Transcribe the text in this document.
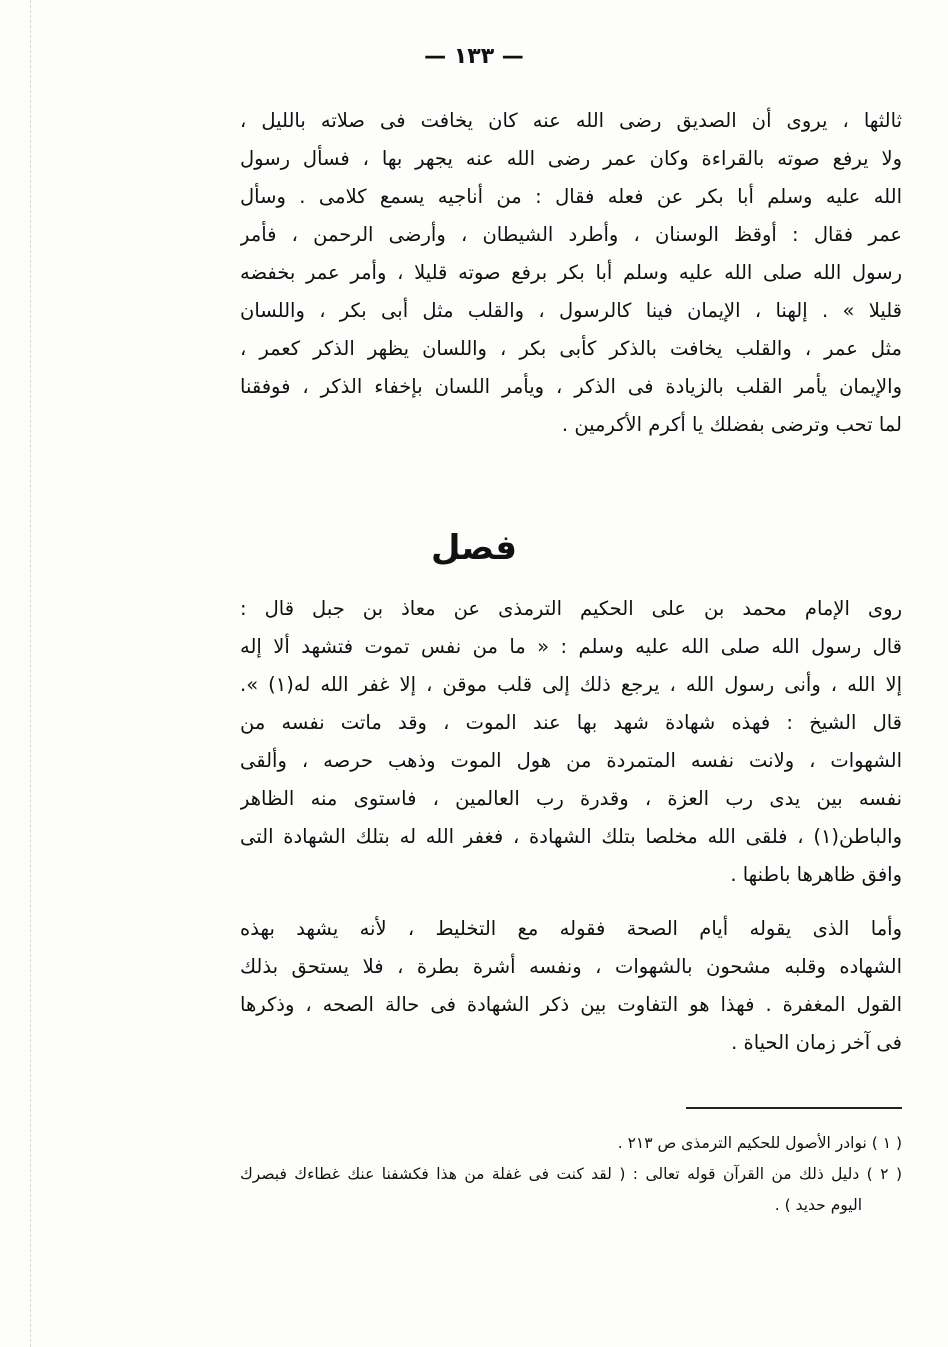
— ١٣٣ —
ثالثها ، يروى أن الصديق رضى الله عنه كان يخافت فى صلاته بالليل ،
ولا يرفع صوته بالقراءة وكان عمر رضى الله عنه يجهر بها ، فسأل رسول
الله عليه وسلم أبا بكر عن فعله فقال : من أناجيه يسمع كلامى . وسأل
عمر فقال : أوقظ الوسنان ، وأطرد الشيطان ، وأرضى الرحمن ، فأمر
رسول الله صلى الله عليه وسلم أبا بكر برفع صوته قليلا ، وأمر عمر بخفضه
قليلا » . إلهنا ، الإيمان فينا كالرسول ، والقلب مثل أبى بكر ، واللسان
مثل عمر ، والقلب يخافت بالذكر كأبى بكر ، واللسان يظهر الذكر كعمر ،
والإيمان يأمر القلب بالزيادة فى الذكر ، ويأمر اللسان بإخفاء الذكر ، فوفقنا
لما تحب وترضى بفضلك يا أكرم الأكرمين .
فصل
روى الإمام محمد بن على الحكيم الترمذى عن معاذ بن جبل قال :
قال رسول الله صلى الله عليه وسلم : « ما من نفس تموت فتشهد ألا إله
إلا الله ، وأنى رسول الله ، يرجع ذلك إلى قلب موقن ، إلا غفر الله له(١) ».
قال الشيخ : فهذه شهادة شهد بها عند الموت ، وقد ماتت نفسه من
الشهوات ، ولانت نفسه المتمردة من هول الموت وذهب حرصه ، وألقى
نفسه بين يدى رب العزة ، وقدرة رب العالمين ، فاستوى منه الظاهر
والباطن(١) ، فلقى الله مخلصا بتلك الشهادة ، فغفر الله له بتلك الشهادة التى
وافق ظاهرها باطنها .
وأما الذى يقوله أيام الصحة فقوله مع التخليط ، لأنه يشهد بهذه
الشهاده وقلبه مشحون بالشهوات ، ونفسه أشرة بطرة ، فلا يستحق بذلك
القول المغفرة . فهذا هو التفاوت بين ذكر الشهادة فى حالة الصحه ، وذكرها
فى آخر زمان الحياة .
( ١ ) نوادر الأصول للحكيم الترمذى ص ٢١٣ .
( ٢ ) دليل ذلك من القرآن قوله تعالى : ( لقد كنت فى غفلة من هذا فكشفنا عنك غطاءك فبصرك
اليوم حديد ) .
